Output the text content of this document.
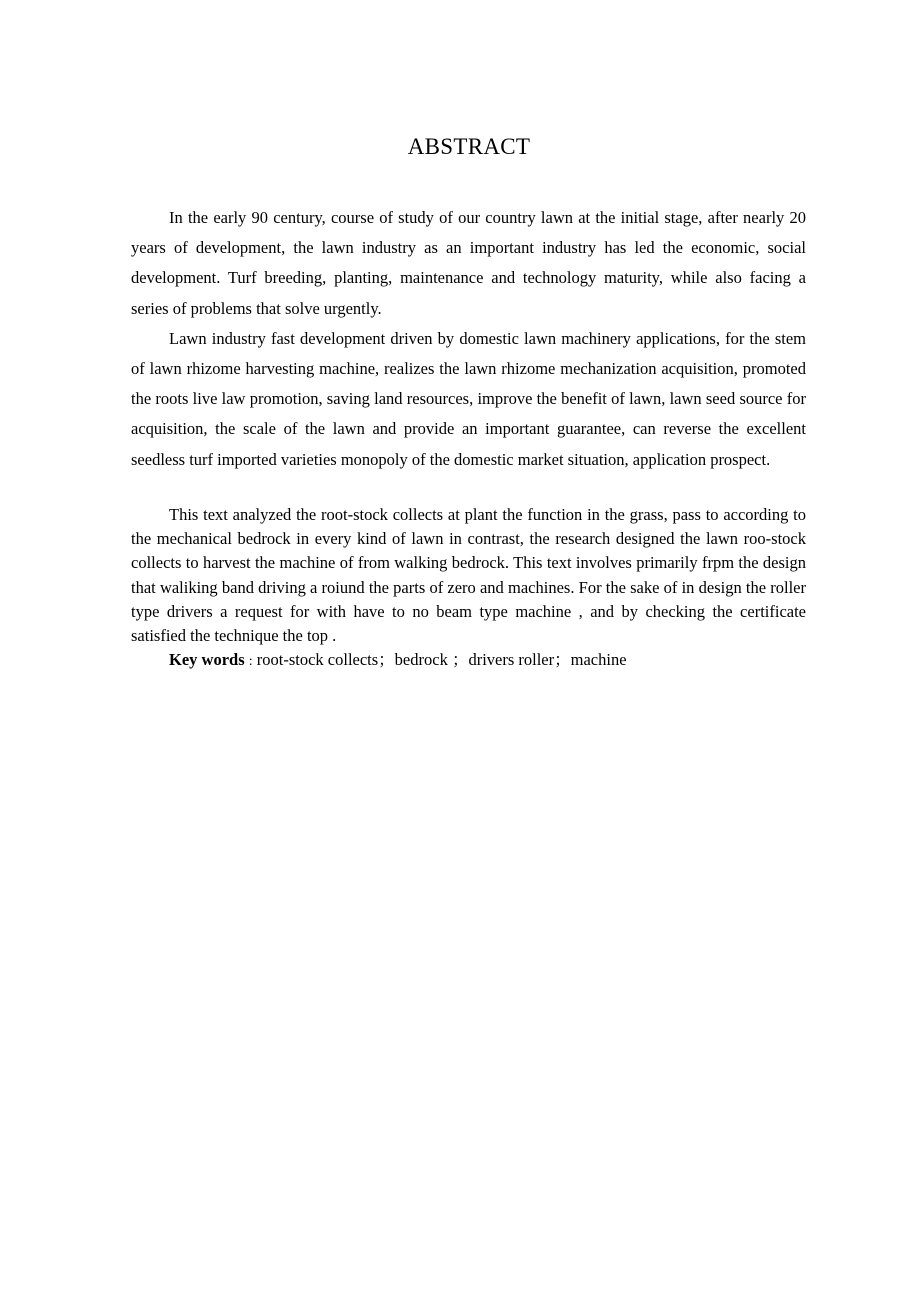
ABSTRACT

In the early 90 century, course of study of our country lawn at the initial stage, after nearly 20 years of development, the lawn industry as an important industry has led the economic, social development. Turf breeding, planting, maintenance and technology maturity, while also facing a series of problems that solve urgently.

Lawn industry fast development driven by domestic lawn machinery applications, for the stem of lawn rhizome harvesting machine, realizes the lawn rhizome mechanization acquisition, promoted the roots live law promotion, saving land resources, improve the benefit of lawn, lawn seed source for acquisition, the scale of the lawn and provide an important guarantee, can reverse the excellent seedless turf imported varieties monopoly of the domestic market situation, application prospect.

This text analyzed the root-stock collects at plant the function in the grass, pass to according to the mechanical bedrock in every kind of lawn in contrast, the research designed the lawn roo-stock collects to harvest the machine of from walking bedrock. This text involves primarily frpm the design that waliking band driving a roiund the parts of zero and machines. For the sake of in design the roller type drivers a request for with have to no beam type machine , and by checking the certificate satisfied the technique the top .

Key words : root-stock collects；bedrock ；drivers roller；machine
